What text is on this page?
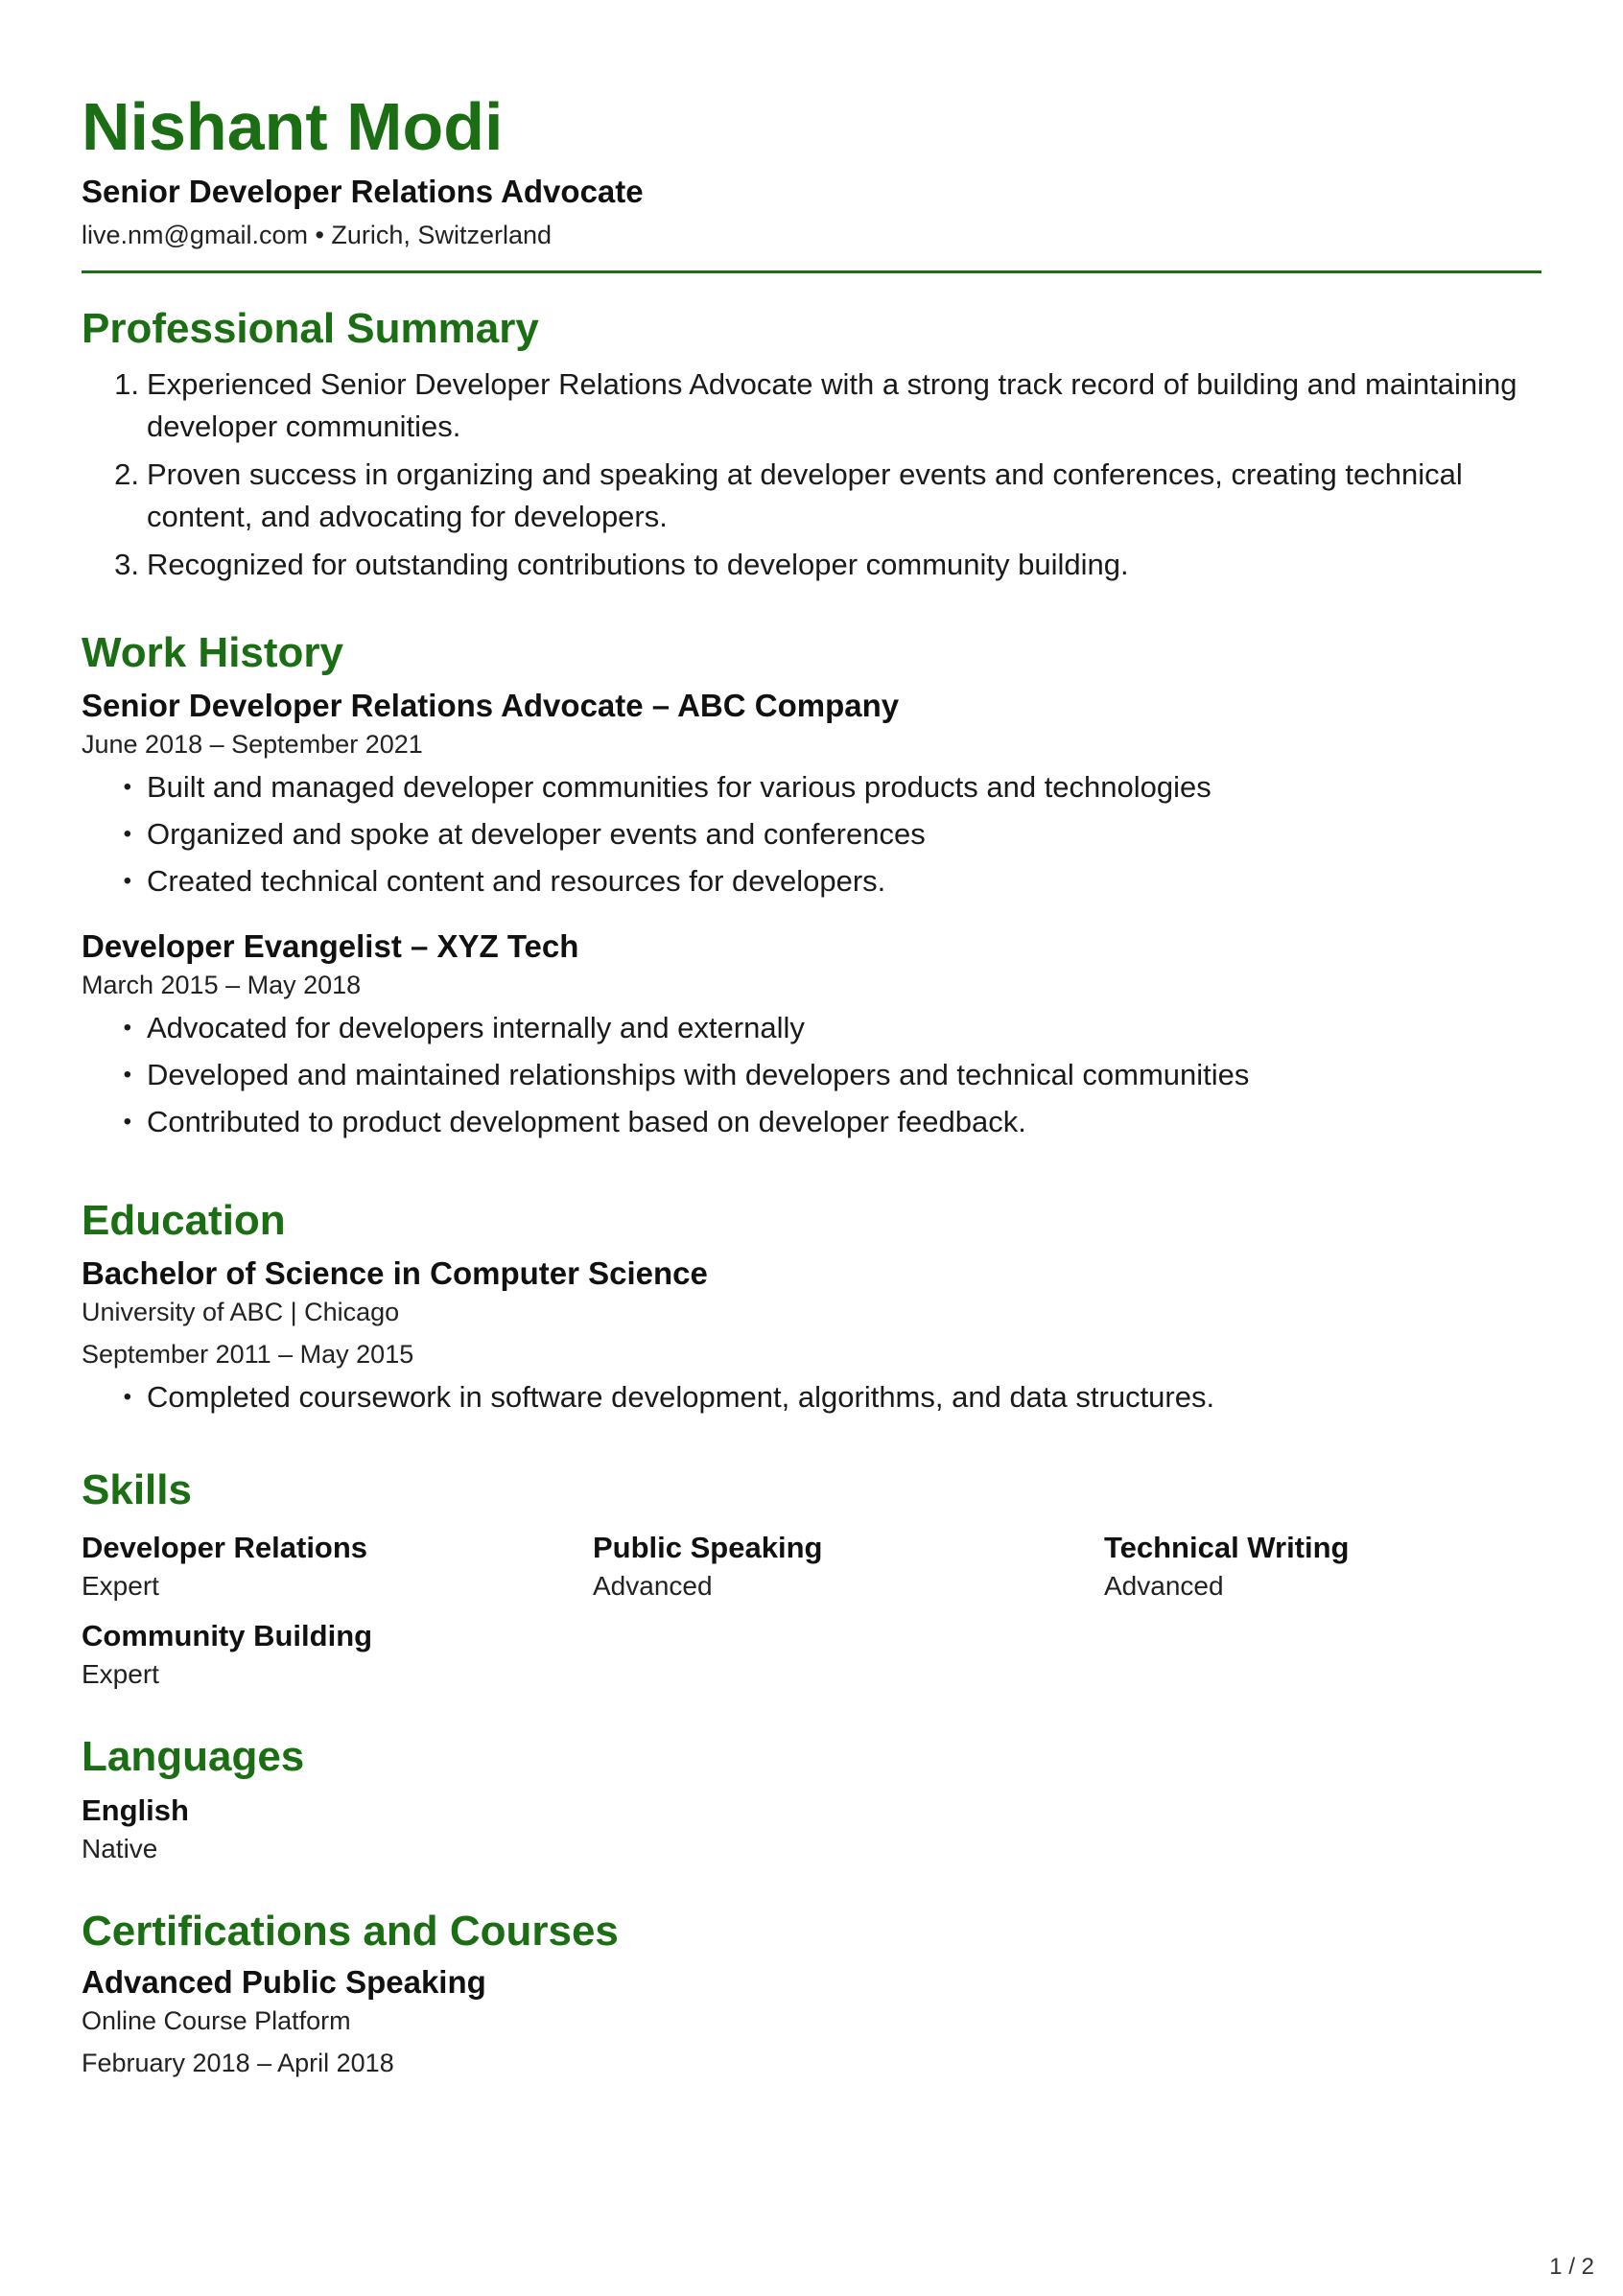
Nishant Modi
Senior Developer Relations Advocate
live.nm@gmail.com • Zurich, Switzerland
Professional Summary
1. Experienced Senior Developer Relations Advocate with a strong track record of building and maintaining developer communities.
2. Proven success in organizing and speaking at developer events and conferences, creating technical content, and advocating for developers.
3. Recognized for outstanding contributions to developer community building.
Work History
Senior Developer Relations Advocate – ABC Company
June 2018 – September 2021
• Built and managed developer communities for various products and technologies
• Organized and spoke at developer events and conferences
• Created technical content and resources for developers.
Developer Evangelist – XYZ Tech
March 2015 – May 2018
• Advocated for developers internally and externally
• Developed and maintained relationships with developers and technical communities
• Contributed to product development based on developer feedback.
Education
Bachelor of Science in Computer Science
University of ABC | Chicago
September 2011 – May 2015
• Completed coursework in software development, algorithms, and data structures.
Skills
Developer Relations
Expert
Public Speaking
Advanced
Technical Writing
Advanced
Community Building
Expert
Languages
English
Native
Certifications and Courses
Advanced Public Speaking
Online Course Platform
February 2018 – April 2018
1 / 2
